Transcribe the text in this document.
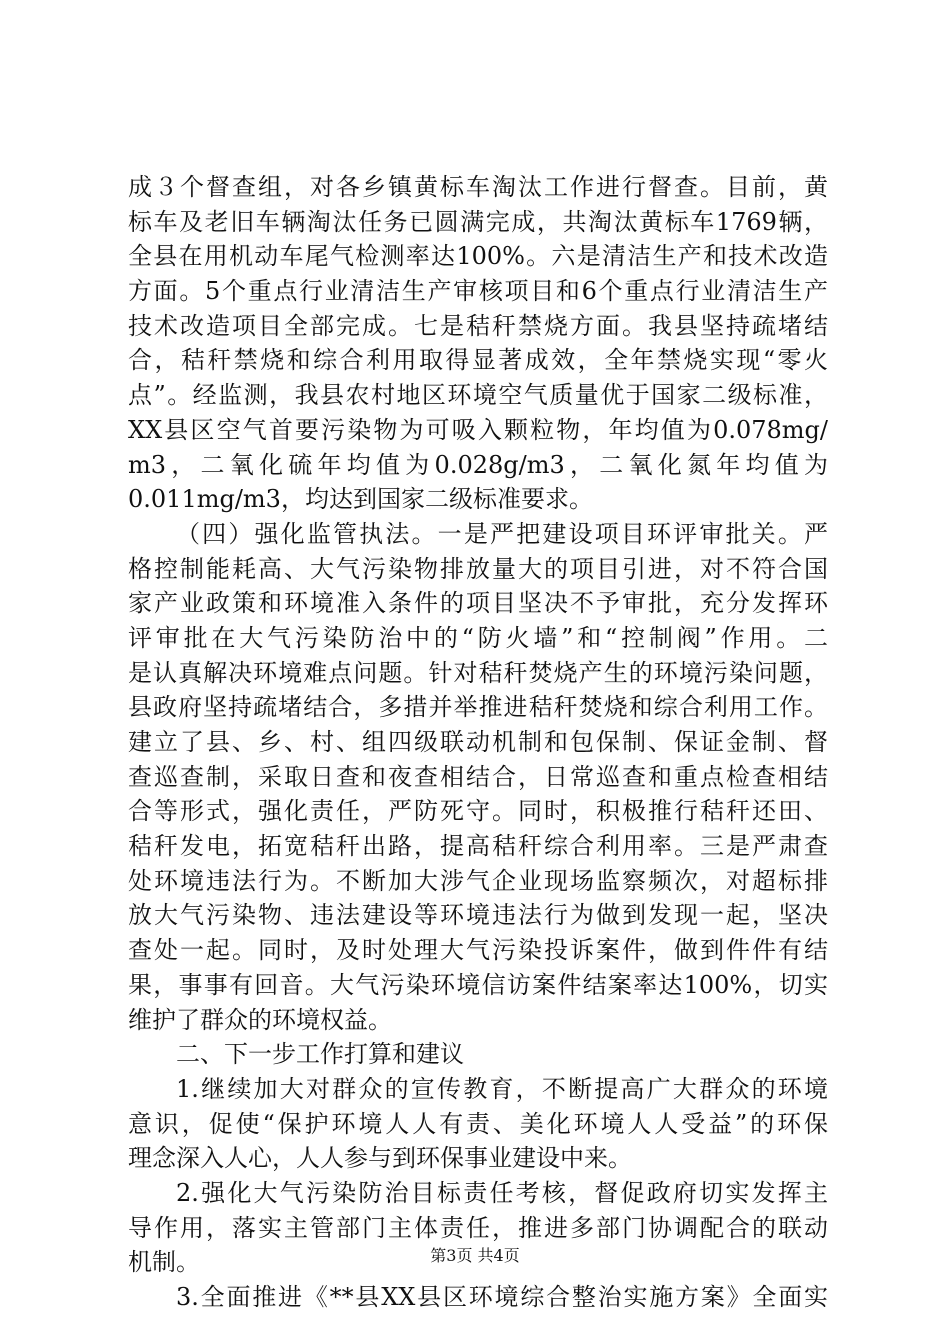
成３个督查组，对各乡镇黄标车淘汰工作进行督查。目前，黄
标车及老旧车辆淘汰任务已圆满完成，共淘汰黄标车1769辆，
全县在用机动车尾气检测率达100%。六是清洁生产和技术改造
方面。5个重点行业清洁生产审核项目和6个重点行业清洁生产
技术改造项目全部完成。七是秸秆禁烧方面。我县坚持疏堵结
合，秸秆禁烧和综合利用取得显著成效，全年禁烧实现“零火
点”。经监测，我县农村地区环境空气质量优于国家二级标准，
XX县区空气首要污染物为可吸入颗粒物，年均值为0.078mg/
m3，二氧化硫年均值为0.028g/m3，二氧化氮年均值为
0.011mg/m3，均达到国家二级标准要求。
（四）强化监管执法。一是严把建设项目环评审批关。严
格控制能耗高、大气污染物排放量大的项目引进，对不符合国
家产业政策和环境准入条件的项目坚决不予审批，充分发挥环
评审批在大气污染防治中的“防火墙”和“控制阀”作用。二
是认真解决环境难点问题。针对秸秆焚烧产生的环境污染问题，
县政府坚持疏堵结合，多措并举推进秸秆焚烧和综合利用工作。
建立了县、乡、村、组四级联动机制和包保制、保证金制、督
查巡查制，采取日查和夜查相结合，日常巡查和重点检查相结
合等形式，强化责任，严防死守。同时，积极推行秸秆还田、
秸秆发电，拓宽秸秆出路，提高秸秆综合利用率。三是严肃查
处环境违法行为。不断加大涉气企业现场监察频次，对超标排
放大气污染物、违法建设等环境违法行为做到发现一起，坚决
查处一起。同时，及时处理大气污染投诉案件，做到件件有结
果，事事有回音。大气污染环境信访案件结案率达100%，切实
维护了群众的环境权益。
二、下一步工作打算和建议
1.继续加大对群众的宣传教育，不断提高广大群众的环境
意识，促使“保护环境人人有责、美化环境人人受益”的环保
理念深入人心，人人参与到环保事业建设中来。
2.强化大气污染防治目标责任考核，督促政府切实发挥主
导作用，落实主管部门主体责任，推进多部门协调配合的联动
机制。
3.全面推进《**县XX县区环境综合整治实施方案》全面实
第3页 共4页
